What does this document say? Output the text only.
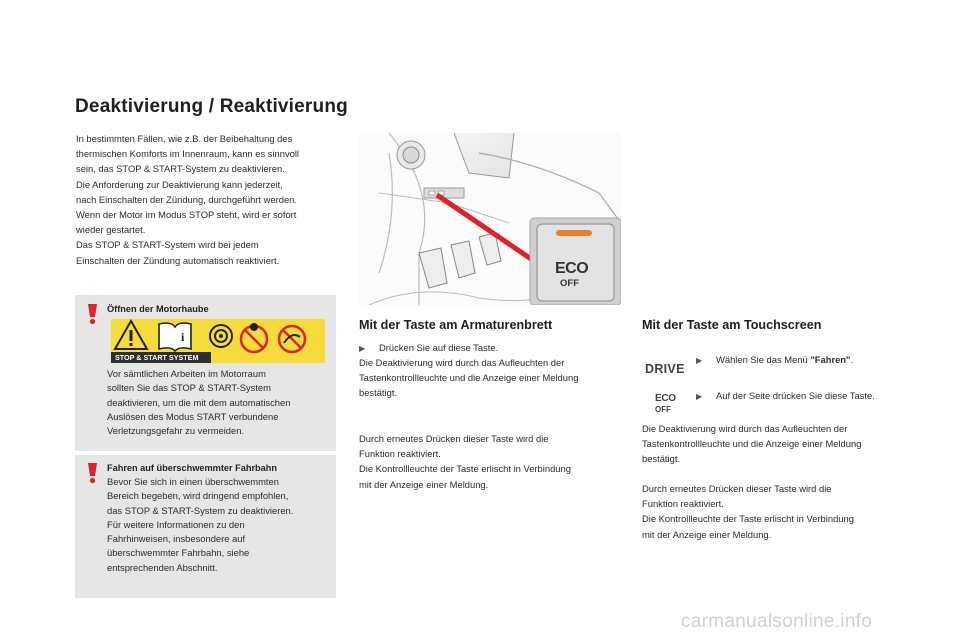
Deaktivierung / Reaktivierung

In bestimmten Fällen, wie z.B. der Beibehaltung des
thermischen Komforts im Innenraum, kann es sinnvoll
sein, das STOP & START-System zu deaktivieren.
Die Anforderung zur Deaktivierung kann jederzeit,
nach Einschalten der Zündung, durchgeführt werden.
Wenn der Motor im Modus STOP steht, wird er sofort
wieder gestartet.
Das STOP & START-System wird bei jedem
Einschalten der Zündung automatisch reaktiviert.

Öffnen der Motorhaube
i
STOP & START SYSTEM
Vor sämtlichen Arbeiten im Motorraum
sollten Sie das STOP & START-System
deaktivieren, um die mit dem automatischen
Auslösen des Modus START verbundene
Verletzungsgefahr zu vermeiden.
Fahren auf überschwemmter Fahrbahn
Bevor Sie sich in einen überschwemmten
Bereich begeben, wird dringend empfohlen,
das STOP & START-System zu deaktivieren.
Für weitere Informationen zu den
Fahrhinweisen, insbesondere auf
überschwemmter Fahrbahn, siehe
entsprechenden Abschnitt.
ECO
OFF
Mit der Taste am Armaturenbrett
▶ Drücken Sie auf diese Taste.
Die Deaktivierung wird durch das Aufleuchten der
Tastenkontrollleuchte und die Anzeige einer Meldung
bestätigt.
Durch erneutes Drücken dieser Taste wird die
Funktion reaktiviert.
Die Kontrollleuchte der Taste erlischt in Verbindung
mit der Anzeige einer Meldung.
Mit der Taste am Touchscreen
DRIVE
▶ Wählen Sie das Menü "Fahren".
ECO
OFF
▶ Auf der Seite drücken Sie diese Taste.
Die Deaktivierung wird durch das Aufleuchten der
Tastenkontrollleuchte und die Anzeige einer Meldung
bestätigt.
Durch erneutes Drücken dieser Taste wird die
Funktion reaktiviert.
Die Kontrollleuchte der Taste erlischt in Verbindung
mit der Anzeige einer Meldung.
carmanualsonline.info
